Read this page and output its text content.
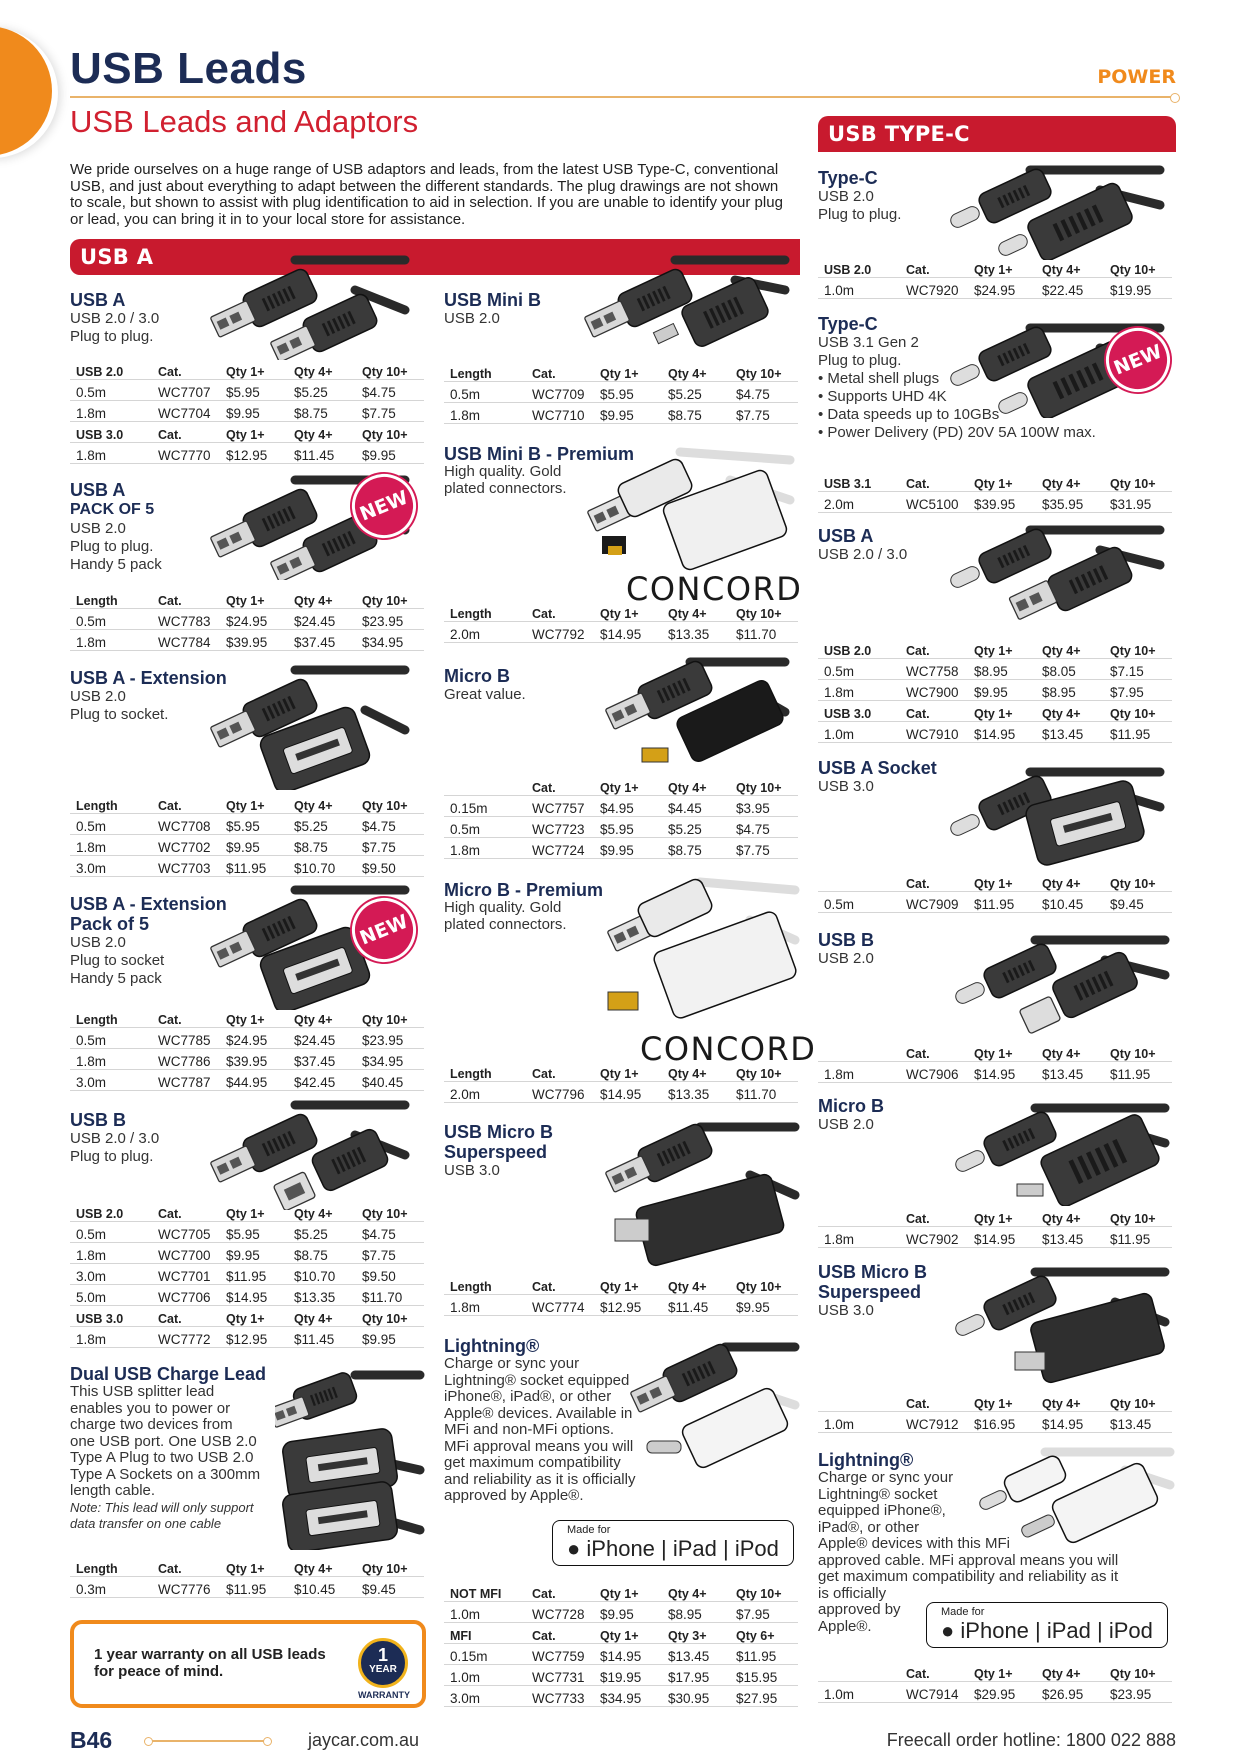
USB Leads	POWER
USB Leads and Adaptors
We pride ourselves on a huge range of USB adaptors and leads, from the latest USB Type-C, conventional USB, and just about everything to adapt between the different standards. The plug drawings are not shown to scale, but shown to assist with plug identification to aid in selection. If you are unable to identify your plug or lead, you can bring it in to your local store for assistance.
USB A
USB TYPE-C
USB A
USB 2.0 / 3.0
Plug to plug.
USB 2.0	Cat.	Qty 1+	Qty 4+	Qty 10+
0.5m	WC7707	$5.95	$5.25	$4.75
1.8m	WC7704	$9.95	$8.75	$7.75
USB 3.0	Cat.	Qty 1+	Qty 4+	Qty 10+
1.8m	WC7770	$12.95	$11.45	$9.95
USB A
PACK OF 5
USB 2.0
Plug to plug.
Handy 5 pack
NEW
Length	Cat.	Qty 1+	Qty 4+	Qty 10+
0.5m	WC7783	$24.95	$24.45	$23.95
1.8m	WC7784	$39.95	$37.45	$34.95
USB A - Extension
USB 2.0
Plug to socket.
Length	Cat.	Qty 1+	Qty 4+	Qty 10+
0.5m	WC7708	$5.95	$5.25	$4.75
1.8m	WC7702	$9.95	$8.75	$7.75
3.0m	WC7703	$11.95	$10.70	$9.50
USB A - Extension
Pack of 5
USB 2.0
Plug to socket
Handy 5 pack
NEW
Length	Cat.	Qty 1+	Qty 4+	Qty 10+
0.5m	WC7785	$24.95	$24.45	$23.95
1.8m	WC7786	$39.95	$37.45	$34.95
3.0m	WC7787	$44.95	$42.45	$40.45
USB B
USB 2.0 / 3.0
Plug to plug.
USB 2.0	Cat.	Qty 1+	Qty 4+	Qty 10+
0.5m	WC7705	$5.95	$5.25	$4.75
1.8m	WC7700	$9.95	$8.75	$7.75
3.0m	WC7701	$11.95	$10.70	$9.50
5.0m	WC7706	$14.95	$13.35	$11.70
USB 3.0	Cat.	Qty 1+	Qty 4+	Qty 10+
1.8m	WC7772	$12.95	$11.45	$9.95
Dual USB Charge Lead
This USB splitter lead
enables you to power or
charge two devices from
one USB port. One USB 2.0
Type A Plug to two USB 2.0
Type A Sockets on a 300mm
length cable.
Note: This lead will only support
data transfer on one cable
Length	Cat.	Qty 1+	Qty 4+	Qty 10+
0.3m	WC7776	$11.95	$10.45	$9.45
1 year warranty on all USB leads for peace of mind.
1
YEAR
WARRANTY
USB Mini B
USB 2.0
Length	Cat.	Qty 1+	Qty 4+	Qty 10+
0.5m	WC7709	$5.95	$5.25	$4.75
1.8m	WC7710	$9.95	$8.75	$7.75
USB Mini B - Premium
High quality. Gold
plated connectors.
CONCORD
Length	Cat.	Qty 1+	Qty 4+	Qty 10+
2.0m	WC7792	$14.95	$13.35	$11.70
Micro B
Great value.
	Cat.	Qty 1+	Qty 4+	Qty 10+
0.15m	WC7757	$4.95	$4.45	$3.95
0.5m	WC7723	$5.95	$5.25	$4.75
1.8m	WC7724	$9.95	$8.75	$7.75
Micro B - Premium
High quality. Gold
plated connectors.
CONCORD
Length	Cat.	Qty 1+	Qty 4+	Qty 10+
2.0m	WC7796	$14.95	$13.35	$11.70
USB Micro B
Superspeed
USB 3.0
Length	Cat.	Qty 1+	Qty 4+	Qty 10+
1.8m	WC7774	$12.95	$11.45	$9.95
Lightning®
Charge or sync your
Lightning® socket equipped
iPhone®, iPad®, or other
Apple® devices. Available in
MFi and non-MFi options.
MFi approval means you will
get maximum compatibility
and reliability as it is officially
approved by Apple®.
Made for
● iPhone | iPad | iPod
NOT MFI	Cat.	Qty 1+	Qty 4+	Qty 10+
1.0m	WC7728	$9.95	$8.95	$7.95
MFI	Cat.	Qty 1+	Qty 3+	Qty 6+
0.15m	WC7759	$14.95	$13.45	$11.95
1.0m	WC7731	$19.95	$17.95	$15.95
3.0m	WC7733	$34.95	$30.95	$27.95
Type-C
USB 2.0
Plug to plug.
USB 2.0	Cat.	Qty 1+	Qty 4+	Qty 10+
1.0m	WC7920	$24.95	$22.45	$19.95
Type-C
USB 3.1 Gen 2
Plug to plug.
• Metal shell plugs
• Supports UHD 4K
• Data speeds up to 10GBs
• Power Delivery (PD) 20V 5A 100W max.
NEW
USB 3.1	Cat.	Qty 1+	Qty 4+	Qty 10+
2.0m	WC5100	$39.95	$35.95	$31.95
USB A
USB 2.0 / 3.0
USB 2.0	Cat.	Qty 1+	Qty 4+	Qty 10+
0.5m	WC7758	$8.95	$8.05	$7.15
1.8m	WC7900	$9.95	$8.95	$7.95
USB 3.0	Cat.	Qty 1+	Qty 4+	Qty 10+
1.0m	WC7910	$14.95	$13.45	$11.95
USB A Socket
USB 3.0
	Cat.	Qty 1+	Qty 4+	Qty 10+
0.5m	WC7909	$11.95	$10.45	$9.45
USB B
USB 2.0
	Cat.	Qty 1+	Qty 4+	Qty 10+
1.8m	WC7906	$14.95	$13.45	$11.95
Micro B
USB 2.0
	Cat.	Qty 1+	Qty 4+	Qty 10+
1.8m	WC7902	$14.95	$13.45	$11.95
USB Micro B
Superspeed
USB 3.0
	Cat.	Qty 1+	Qty 4+	Qty 10+
1.0m	WC7912	$16.95	$14.95	$13.45
Lightning®
Charge or sync your
Lightning® socket
equipped iPhone®,
iPad®, or other
Apple® devices with this MFi
approved cable. MFi approval means you will
get maximum compatibility and reliability as it
is officially
approved by
Apple®.
Made for
● iPhone | iPad | iPod
	Cat.	Qty 1+	Qty 4+	Qty 10+
1.0m	WC7914	$29.95	$26.95	$23.95
B46	jaycar.com.au	Freecall order hotline: 1800 022 888
